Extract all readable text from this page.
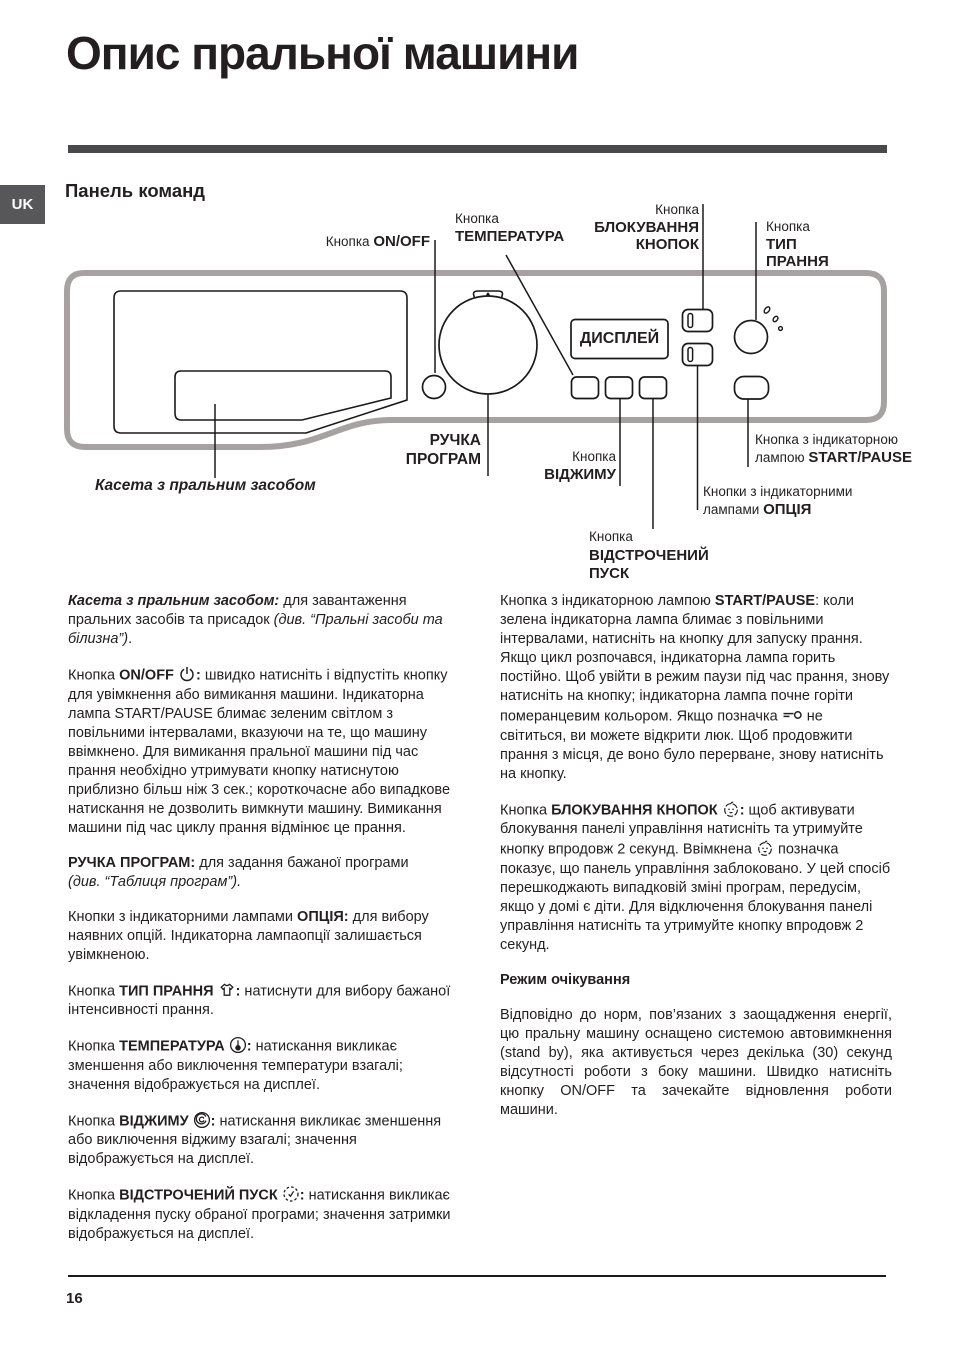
Опис пральної машини
UK
Панель команд
Кнопка ON/OFF
Кнопка
ТЕМПЕРАТУРА
Кнопка
БЛОКУВАННЯ
КНОПОК
Кнопка
ТИП
ПРАННЯ
ДИСПЛЕЙ
РУЧКА
ПРОГРАМ	Кнопка
ВІДЖИМУ
Кнопка
ВІДСТРОЧЕНИЙ
ПУСК
Кнопки з індикаторними
лампами ОПЦІЯ
Кнопка з індикаторною
лампою START/PAUSE
Касета з пральним засобом

Касета з пральним засобом: для завантаження пральних засобів та присадок (див. “Пральні засоби та білизна”).

Кнопка ON/OFF : швидко натисніть і відпустіть кнопку для увімкнення або вимикання машини. Індикаторна лампа START/PAUSE блимає зеленим світлом з повільними інтервалами, вказуючи на те, що машину ввімкнено. Для вимикання пральної машини під час прання необхідно утримувати кнопку натиснутою приблизно більш ніж 3 сек.; короткочасне або випадкове натискання не дозволить вимкнути машину. Вимикання машини під час циклу прання відмінює це прання.

РУЧКА ПРОГРАМ: для задання бажаної програми
(див. “Таблиця програм”).

Кнопки з індикаторними лампами ОПЦІЯ: для вибору наявних опцій. Індикаторна лампаопції залишається увімкненою.

Кнопка ТИП ПРАННЯ : натиснути для вибору бажаної інтенсивності прання.

Кнопка ТЕМПЕРАТУРА : натискання викликає зменшення або виключення температури взагалі; значення відображується на дисплеї.

Кнопка ВІДЖИМУ : натискання викликає зменшення або виключення віджиму взагалі; значення відображується на дисплеї.

Кнопка ВІДСТРОЧЕНИЙ ПУСК : натискання викликає відкладення пуску обраної програми; значення затримки відображується на дисплеї.

Кнопка з індикаторною лампою START/PAUSE: коли зелена індикаторна лампа блимає з повільними інтервалами, натисніть на кнопку для запуску прання. Якщо цикл розпочався, індикаторна лампа горить постійно. Щоб увійти в режим паузи під час прання, знову натисніть на кнопку; індикаторна лампа почне горіти померанцевим кольором. Якщо позначка
не світиться, ви можете відкрити люк. Щоб продовжити прання з місця, де воно було перерване, знову натисніть на кнопку.

Кнопка БЛОКУВАННЯ КНОПОК : щоб активувати блокування панелі управління натисніть та утримуйте кнопку впродовж 2 секунд. Ввімкнена
позначка показує, що панель управління заблоковано. У цей спосіб перешкоджають випадковій зміні програм, передусім, якщо у домі є діти. Для відключення блокування панелі управління натисніть та утримуйте кнопку впродовж 2 секунд.

Режим очікування

Відповідно до норм, пов’язаних з заощадження енергії, цю пральну машину оснащено системою автовимкнення (stand by), яка активується через декілька (30) секунд відсутності роботи з боку машини. Швидко натисніть кнопку ON/OFF та зачекайте відновлення роботи машини.

16
